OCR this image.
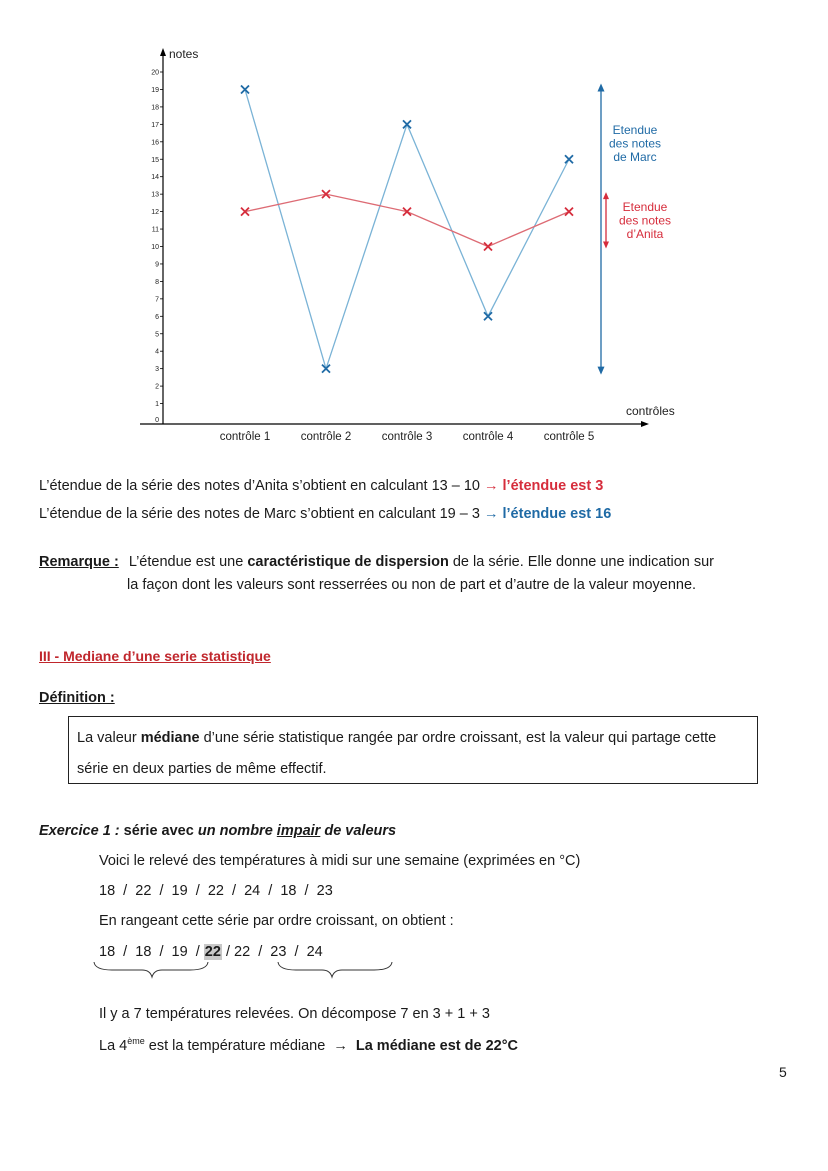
notes
contrôles
0
1
2
3
4
5
6
7
8
9
10
11
12
13
14
15
16
17
18
19
20
contrôle 1	contrôle 2	contrôle 3	contrôle 4	contrôle 5
Etendue
des notes
de Marc
Etendue
des notes
d’Anita
L’étendue de la série des notes d’Anita s’obtient en calculant 13 – 10 → l’étendue est 3
L’étendue de la série des notes de Marc s’obtient en calculant 19 – 3 → l’étendue est 16
Remarque : L’étendue est une caractéristique de dispersion de la série. Elle donne une indication sur
la façon dont les valeurs sont resserrées ou non de part et d’autre de la valeur moyenne.
III - Mediane d’une serie statistique
Définition :
La valeur médiane d’une série statistique rangée par ordre croissant, est la valeur qui partage cette
série en deux parties de même effectif.
Exercice 1 : série avec un nombre impair de valeurs
Voici le relevé des températures à midi sur une semaine (exprimées en °C)
18  /  22  /  19  /  22  /  24  /  18  /  23
En rangeant cette série par ordre croissant, on obtient :
18  /  18  /  19 / 22 / 22  /  23  /  24
Il y a 7 températures relevées. On décompose 7 en 3 + 1 + 3
La 4ème est la température médiane → La médiane est de 22°C
5
